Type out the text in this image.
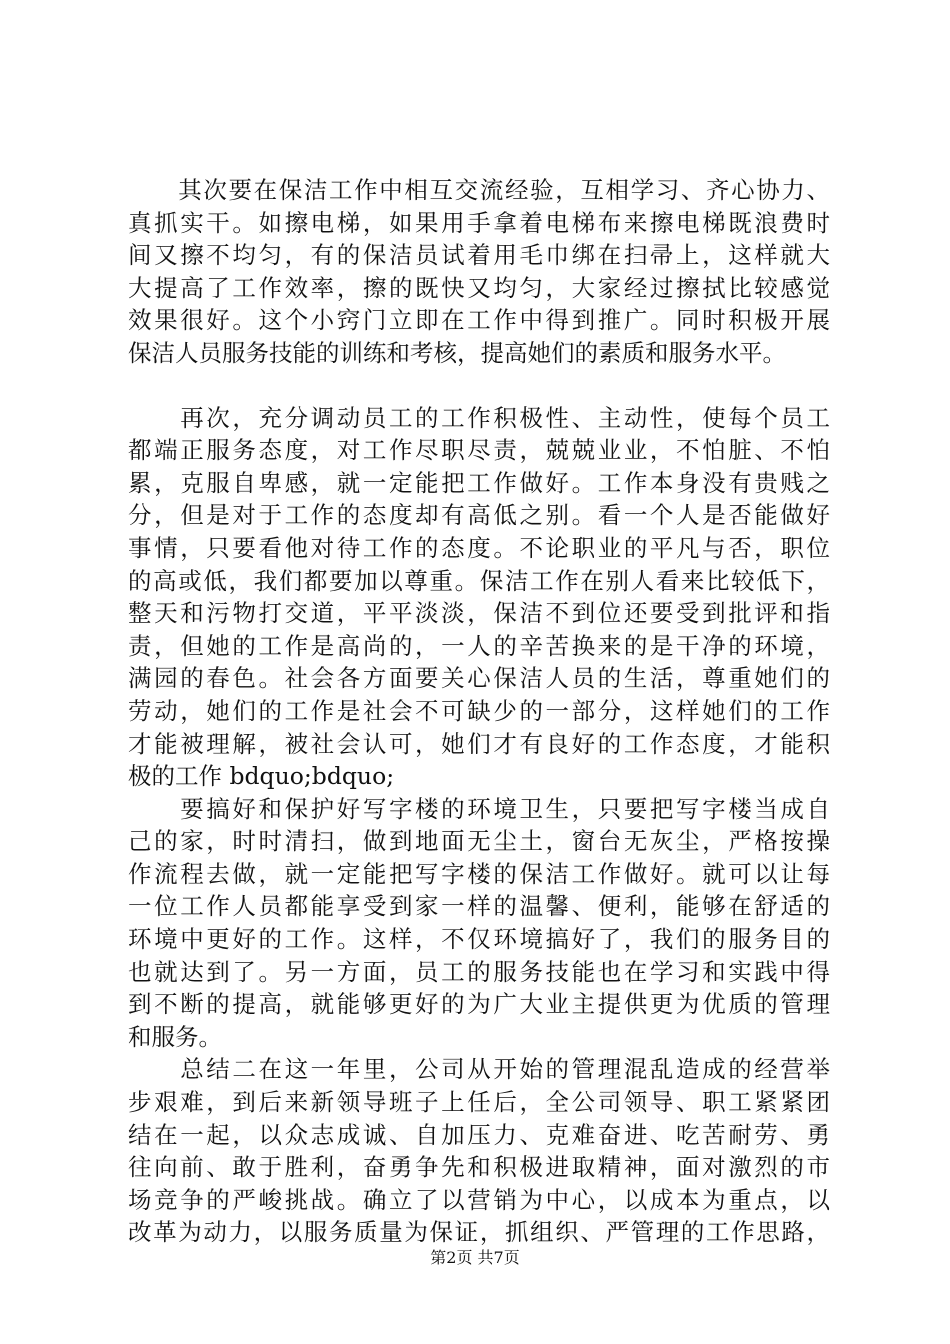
　　其次要在保洁工作中相互交流经验，互相学习、齐心协力、
真抓实干。如擦电梯，如果用手拿着电梯布来擦电梯既浪费时
间又擦不均匀，有的保洁员试着用毛巾绑在扫帚上，这样就大
大提高了工作效率，擦的既快又均匀，大家经过擦拭比较感觉
效果很好。这个小窍门立即在工作中得到推广。同时积极开展
保洁人员服务技能的训练和考核，提高她们的素质和服务水平。
　　再次，充分调动员工的工作积极性、主动性，使每个员工
都端正服务态度，对工作尽职尽责，兢兢业业，不怕脏、不怕
累，克服自卑感，就一定能把工作做好。工作本身没有贵贱之
分，但是对于工作的态度却有高低之别。看一个人是否能做好
事情，只要看他对待工作的态度。不论职业的平凡与否，职位
的高或低，我们都要加以尊重。保洁工作在别人看来比较低下，
整天和污物打交道，平平淡淡，保洁不到位还要受到批评和指
责，但她的工作是高尚的，一人的辛苦换来的是干净的环境，
满园的春色。社会各方面要关心保洁人员的生活，尊重她们的
劳动，她们的工作是社会不可缺少的一部分，这样她们的工作
才能被理解，被社会认可，她们才有良好的工作态度，才能积
极的工作 bdquo;bdquo;
　　要搞好和保护好写字楼的环境卫生，只要把写字楼当成自
己的家，时时清扫，做到地面无尘土，窗台无灰尘，严格按操
作流程去做，就一定能把写字楼的保洁工作做好。就可以让每
一位工作人员都能享受到家一样的温馨、便利，能够在舒适的
环境中更好的工作。这样，不仅环境搞好了，我们的服务目的
也就达到了。另一方面，员工的服务技能也在学习和实践中得
到不断的提高，就能够更好的为广大业主提供更为优质的管理
和服务。
　　总结二在这一年里，公司从开始的管理混乱造成的经营举
步艰难，到后来新领导班子上任后，全公司领导、职工紧紧团
结在一起，以众志成诚、自加压力、克难奋进、吃苦耐劳、勇
往向前、敢于胜利，奋勇争先和积极进取精神，面对激烈的市
场竞争的严峻挑战。确立了以营销为中心，以成本为重点，以
改革为动力，以服务质量为保证，抓组织、严管理的工作思路，
第2页 共7页
